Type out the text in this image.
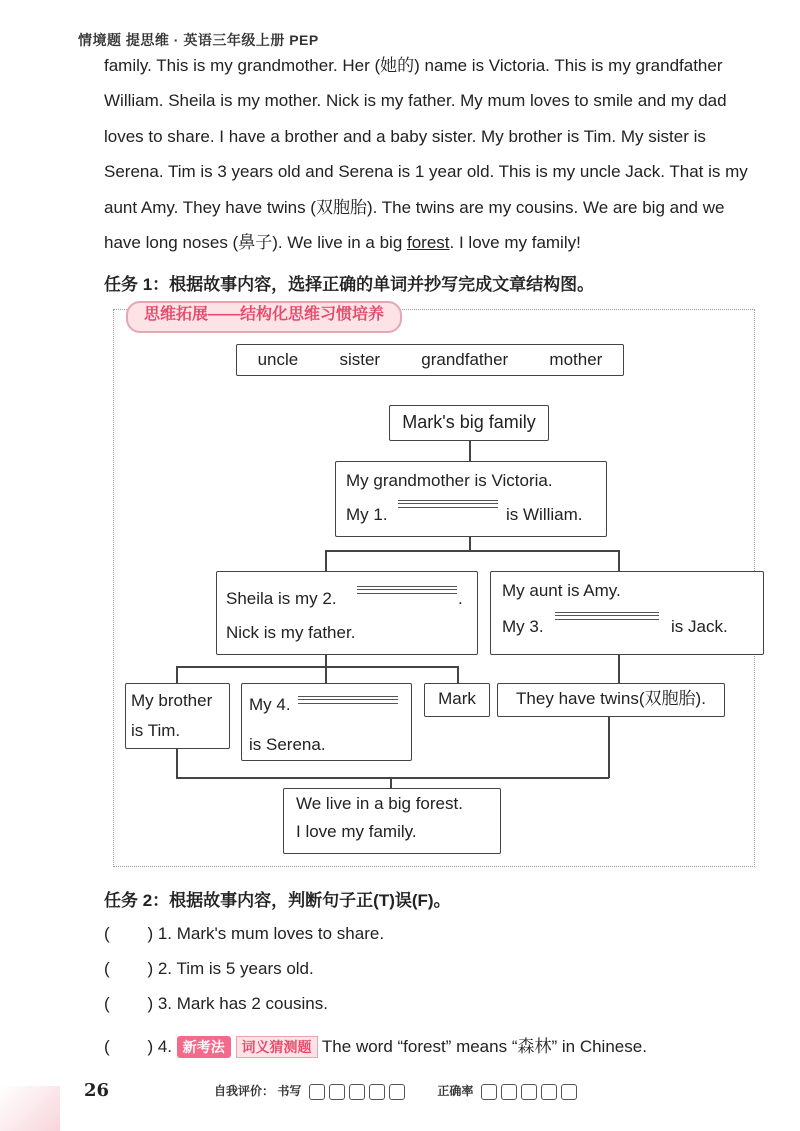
情境题 提思维 · 英语三年级上册 PEP
family. This is my grandmother. Her (她的) name is Victoria. This is my grandfather
William. Sheila is my mother. Nick is my father. My mum loves to smile and my dad
loves to share. I have a brother and a baby sister. My brother is Tim. My sister is
Serena. Tim is 3 years old and Serena is 1 year old. This is my uncle Jack. That is my
aunt Amy. They have twins (双胞胎). The twins are my cousins. We are big and we
have long noses (鼻子). We live in a big forest. I love my family!
任务 1：根据故事内容，选择正确的单词并抄写完成文章结构图。
思维拓展——结构化思维习惯培养
uncle sister grandfather mother
Mark's big family
My grandmother is Victoria.
My 1.	is William.
Sheila is my 2.	.
Nick is my father.
My aunt is Amy.
My 3.	is Jack.
My brother
is Tim.
My 4.
is Serena.
Mark	They have twins(双胞胎).
We live in a big forest.
I love my family.
任务 2：根据故事内容，判断句子正(T)误(F)。
(        ) 1. Mark's mum loves to share.
(        ) 2. Tim is 5 years old.
(        ) 3. Mark has 2 cousins.
(        ) 4. 新考法 词义猜测题 The word “forest” means “森林” in Chinese.
26	自我评价： 书写	正确率
